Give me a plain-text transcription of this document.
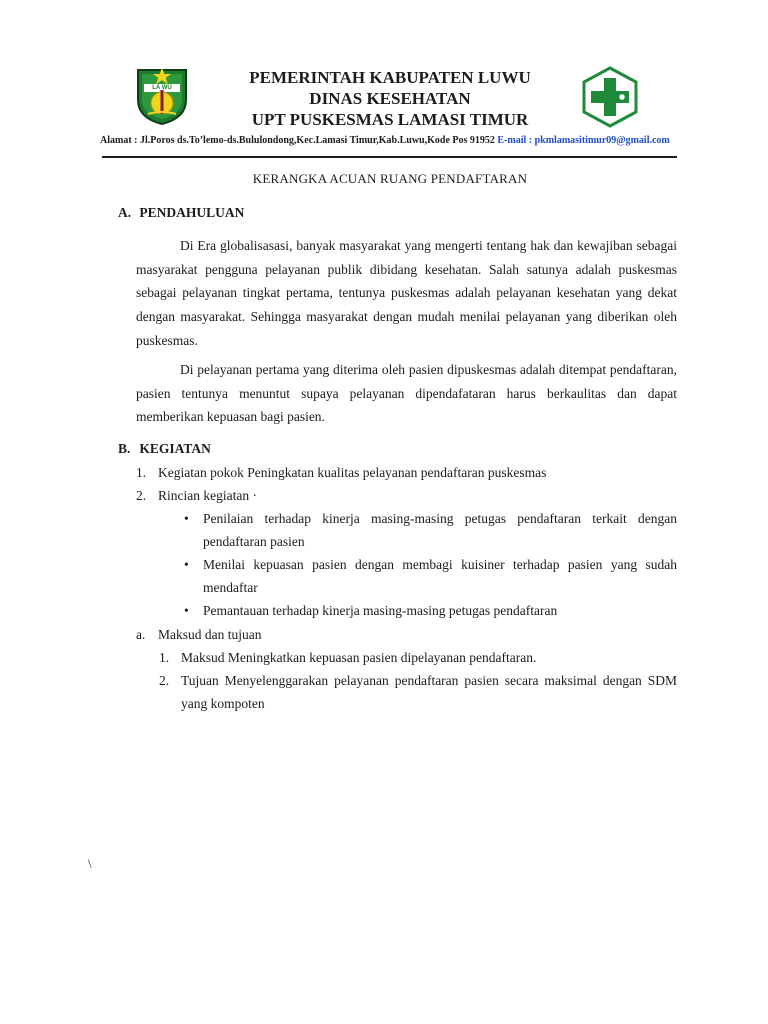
LA WU
PEMERINTAH KABUPATEN LUWU
DINAS KESEHATAN
UPT PUSKESMAS LAMASI TIMUR
Alamat : Jl.Poros ds.To’lemo-ds.Bululondong,Kec.Lamasi Timur,Kab.Luwu,Kode Pos 91952 E-mail : pkmlamasitimur09@gmail.com
KERANGKA ACUAN RUANG PENDAFTARAN
A. PENDAHULUAN

Di Era globalisasasi, banyak masyarakat yang mengerti tentang hak dan kewajiban sebagai masyarakat pengguna pelayanan publik dibidang kesehatan. Salah satunya adalah puskesmas sebagai pelayanan tingkat pertama, tentunya puskesmas adalah pelayanan kesehatan yang dekat dengan masyarakat. Sehingga masyarakat dengan mudah menilai pelayanan yang diberikan oleh puskesmas.

Di pelayanan pertama yang diterima oleh pasien dipuskesmas adalah ditempat pendaftaran, pasien tentunya menuntut supaya pelayanan dipendafataran harus berkaulitas dan dapat memberikan kepuasan bagi pasien.

B. KEGIATAN
1. Kegiatan pokok Peningkatan kualitas pelayanan pendaftaran puskesmas
2. Rincian kegiatan ·
• Penilaian terhadap kinerja masing-masing petugas pendaftaran terkait dengan pendaftaran pasien
• Menilai kepuasan pasien dengan membagi kuisiner terhadap pasien yang sudah mendaftar
• Pemantauan terhadap kinerja masing-masing petugas pendaftaran
a. Maksud dan tujuan
1. Maksud Meningkatkan kepuasan pasien dipelayanan pendaftaran.
2. Tujuan Menyelenggarakan pelayanan pendaftaran pasien secara maksimal dengan SDM yang kompoten
\
